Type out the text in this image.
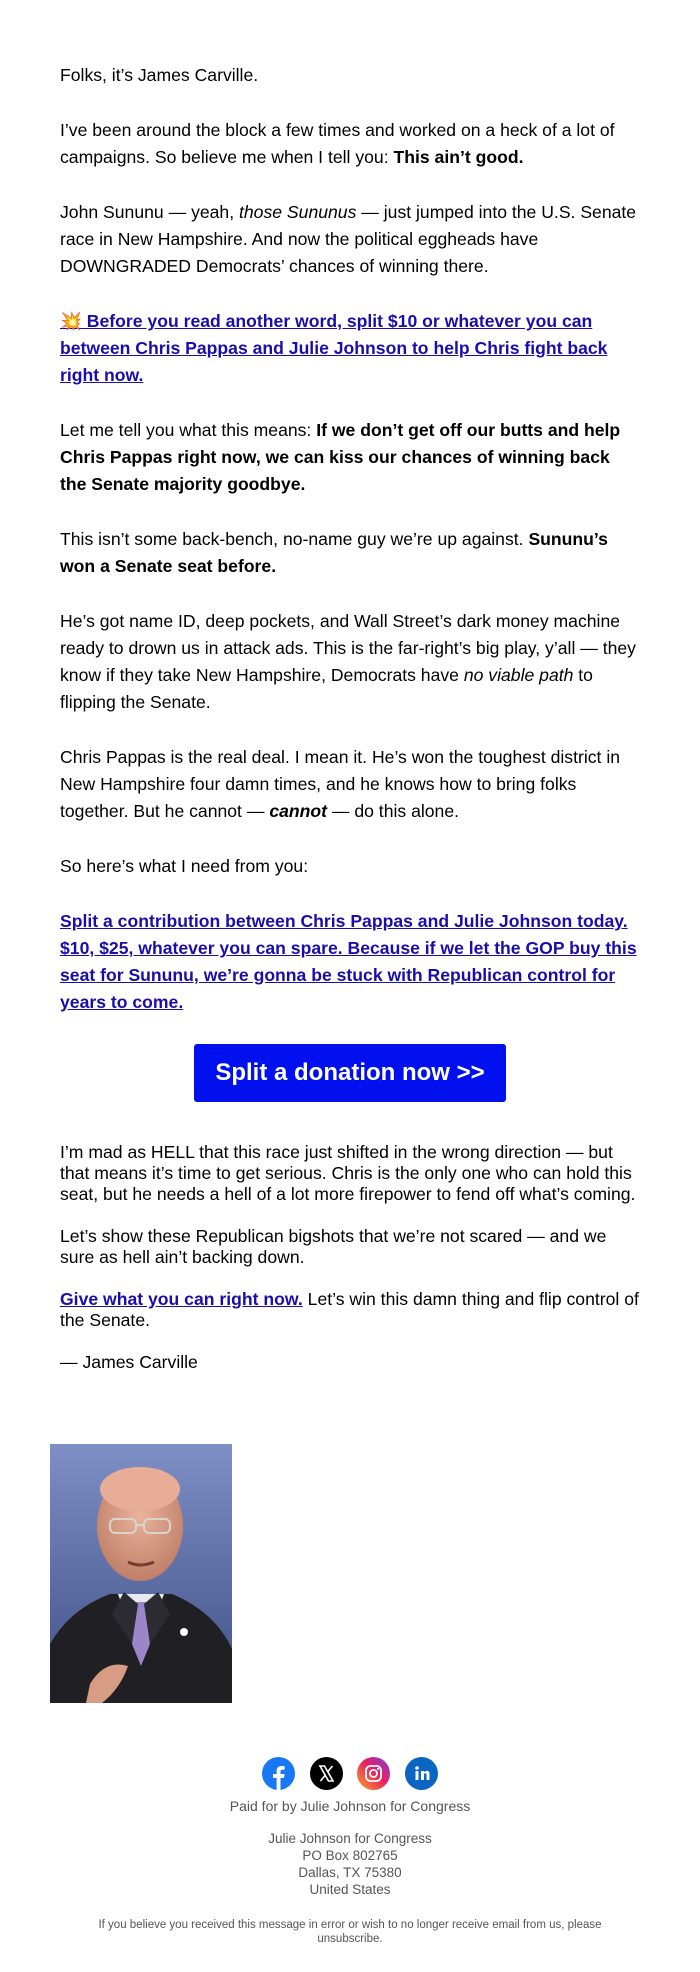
Folks, it’s James Carville.

I’ve been around the block a few times and worked on a heck of a lot of campaigns. So believe me when I tell you: This ain’t good.

John Sununu — yeah, those Sununus — just jumped into the U.S. Senate race in New Hampshire. And now the political eggheads have DOWNGRADED Democrats’ chances of winning there.

💥 Before you read another word, split $10 or whatever you can between Chris Pappas and Julie Johnson to help Chris fight back right now.

Let me tell you what this means: If we don’t get off our butts and help Chris Pappas right now, we can kiss our chances of winning back the Senate majority goodbye.

This isn’t some back-bench, no-name guy we’re up against. Sununu’s won a Senate seat before.

He’s got name ID, deep pockets, and Wall Street’s dark money machine ready to drown us in attack ads. This is the far-right’s big play, y’all — they know if they take New Hampshire, Democrats have no viable path to flipping the Senate.

Chris Pappas is the real deal. I mean it. He’s won the toughest district in New Hampshire four damn times, and he knows how to bring folks together. But he cannot — cannot — do this alone.

So here’s what I need from you:

Split a contribution between Chris Pappas and Julie Johnson today. $10, $25, whatever you can spare. Because if we let the GOP buy this seat for Sununu, we’re gonna be stuck with Republican control for years to come.

Split a donation now >>

I’m mad as HELL that this race just shifted in the wrong direction — but that means it’s time to get serious. Chris is the only one who can hold this seat, but he needs a hell of a lot more firepower to fend off what’s coming.

Let’s show these Republican bigshots that we’re not scared — and we sure as hell ain’t backing down.

Give what you can right now. Let’s win this damn thing and flip control of the Senate.

— James Carville

Paid for by Julie Johnson for Congress
Julie Johnson for Congress
PO Box 802765
Dallas, TX 75380
United States
If you believe you received this message in error or wish to no longer receive email from us, please unsubscribe.
